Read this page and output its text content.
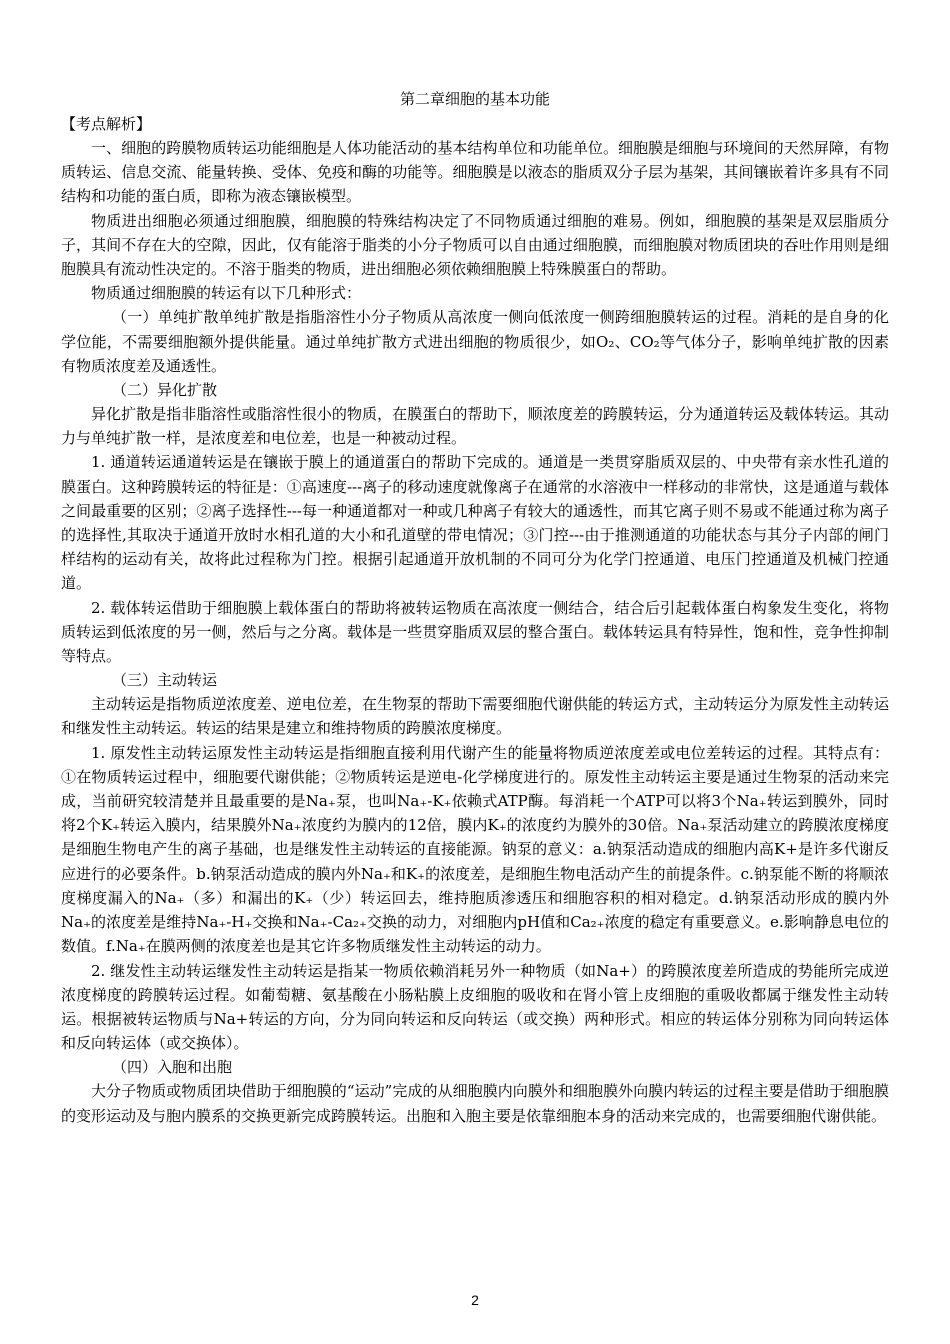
第二章细胞的基本功能
【考点解析】

一、细胞的跨膜物质转运功能细胞是人体功能活动的基本结构单位和功能单位。细胞膜是细胞与环境间的天然屏障，有物质转运、信息交流、能量转换、受体、免疫和酶的功能等。细胞膜是以液态的脂质双分子层为基架，其间镶嵌着许多具有不同结构和功能的蛋白质，即称为液态镶嵌模型。

物质进出细胞必须通过细胞膜，细胞膜的特殊结构决定了不同物质通过细胞的难易。例如，细胞膜的基架是双层脂质分子，其间不存在大的空隙，因此，仅有能溶于脂类的小分子物质可以自由通过细胞膜，而细胞膜对物质团块的吞吐作用则是细胞膜具有流动性决定的。不溶于脂类的物质，进出细胞必须依赖细胞膜上特殊膜蛋白的帮助。

物质通过细胞膜的转运有以下几种形式：

（一）单纯扩散单纯扩散是指脂溶性小分子物质从高浓度一侧向低浓度一侧跨细胞膜转运的过程。消耗的是自身的化学位能，不需要细胞额外提供能量。通过单纯扩散方式进出细胞的物质很少，如O₂、CO₂等气体分子，影响单纯扩散的因素有物质浓度差及通透性。

（二）异化扩散

异化扩散是指非脂溶性或脂溶性很小的物质，在膜蛋白的帮助下，顺浓度差的跨膜转运，分为通道转运及载体转运。其动力与单纯扩散一样，是浓度差和电位差，也是一种被动过程。

1. 通道转运通道转运是在镶嵌于膜上的通道蛋白的帮助下完成的。通道是一类贯穿脂质双层的、中央带有亲水性孔道的膜蛋白。这种跨膜转运的特征是：①高速度---离子的移动速度就像离子在通常的水溶液中一样移动的非常快，这是通道与载体之间最重要的区别；②离子选择性---每一种通道都对一种或几种离子有较大的通透性，而其它离子则不易或不能通过称为离子的选择性,其取决于通道开放时水相孔道的大小和孔道壁的带电情况；③门控---由于推测通道的功能状态与其分子内部的闸门样结构的运动有关，故将此过程称为门控。根据引起通道开放机制的不同可分为化学门控通道、电压门控通道及机械门控通道。

2. 载体转运借助于细胞膜上载体蛋白的帮助将被转运物质在高浓度一侧结合，结合后引起载体蛋白构象发生变化，将物质转运到低浓度的另一侧，然后与之分离。载体是一些贯穿脂质双层的整合蛋白。载体转运具有特异性，饱和性，竞争性抑制等特点。

（三）主动转运

主动转运是指物质逆浓度差、逆电位差，在生物泵的帮助下需要细胞代谢供能的转运方式，主动转运分为原发性主动转运和继发性主动转运。转运的结果是建立和维持物质的跨膜浓度梯度。

1. 原发性主动转运原发性主动转运是指细胞直接利用代谢产生的能量将物质逆浓度差或电位差转运的过程。其特点有：①在物质转运过程中，细胞要代谢供能；②物质转运是逆电-化学梯度进行的。原发性主动转运主要是通过生物泵的活动来完成，当前研究较清楚并且最重要的是Na₊泵，也叫Na₊-K₊依赖式ATP酶。每消耗一个ATP可以将3个Na₊转运到膜外，同时将2个K₊转运入膜内，结果膜外Na₊浓度约为膜内的12倍，膜内K₊的浓度约为膜外的30倍。Na₊泵活动建立的跨膜浓度梯度是细胞生物电产生的离子基础，也是继发性主动转运的直接能源。钠泵的意义：a.钠泵活动造成的细胞内高K+是许多代谢反应进行的必要条件。b.钠泵活动造成的膜内外Na₊和K₊的浓度差，是细胞生物电活动产生的前提条件。c.钠泵能不断的将顺浓度梯度漏入的Na₊（多）和漏出的K₊（少）转运回去，维持胞质渗透压和细胞容积的相对稳定。d.钠泵活动形成的膜内外Na₊的浓度差是维持Na₊-H₊交换和Na₊-Ca₂₊交换的动力，对细胞内pH值和Ca₂₊浓度的稳定有重要意义。e.影响静息电位的数值。f.Na₊在膜两侧的浓度差也是其它许多物质继发性主动转运的动力。

2. 继发性主动转运继发性主动转运是指某一物质依赖消耗另外一种物质（如Na+）的跨膜浓度差所造成的势能所完成逆浓度梯度的跨膜转运过程。如葡萄糖、氨基酸在小肠粘膜上皮细胞的吸收和在肾小管上皮细胞的重吸收都属于继发性主动转运。根据被转运物质与Na+转运的方向，分为同向转运和反向转运（或交换）两种形式。相应的转运体分别称为同向转运体和反向转运体（或交换体）。

（四）入胞和出胞

大分子物质或物质团块借助于细胞膜的“运动”完成的从细胞膜内向膜外和细胞膜外向膜内转运的过程主要是借助于细胞膜的变形运动及与胞内膜系的交换更新完成跨膜转运。出胞和入胞主要是依靠细胞本身的活动来完成的，也需要细胞代谢供能。

2
